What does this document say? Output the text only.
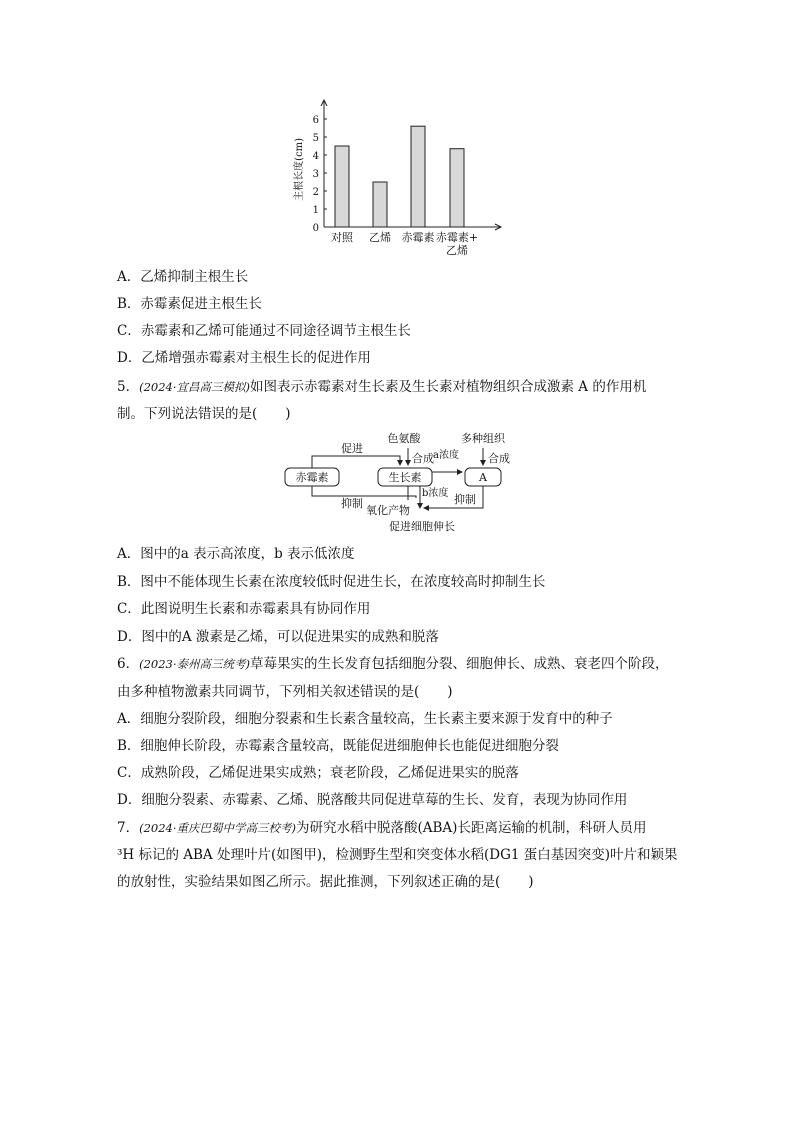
0
1
2
3
4
5
6
主根长度(cm)
对照 乙烯 赤霉素 赤霉素+
乙烯
A．乙烯抑制主根生长
B．赤霉素促进主根生长
C．赤霉素和乙烯可能通过不同途径调节主根生长
D．乙烯增强赤霉素对主根生长的促进作用
5．(2024·宜昌高三模拟)如图表示赤霉素对生长素及生长素对植物组织合成激素 A 的作用机
制。下列说法错误的是( )
赤霉素	生长素	A
促进
色氨酸
合成
多种组织
合成
a浓度
b浓度
抑制	抑制
氧化产物
促进细胞伸长
A．图中的a 表示高浓度，b 表示低浓度
B．图中不能体现生长素在浓度较低时促进生长，在浓度较高时抑制生长
C．此图说明生长素和赤霉素具有协同作用
D．图中的A 激素是乙烯，可以促进果实的成熟和脱落
6．(2023·泰州高三统考)草莓果实的生长发育包括细胞分裂、细胞伸长、成熟、衰老四个阶段，
由多种植物激素共同调节，下列相关叙述错误的是( )
A．细胞分裂阶段，细胞分裂素和生长素含量较高，生长素主要来源于发育中的种子
B．细胞伸长阶段，赤霉素含量较高，既能促进细胞伸长也能促进细胞分裂
C．成熟阶段，乙烯促进果实成熟；衰老阶段，乙烯促进果实的脱落
D．细胞分裂素、赤霉素、乙烯、脱落酸共同促进草莓的生长、发育，表现为协同作用
7．(2024·重庆巴蜀中学高三校考)为研究水稻中脱落酸(ABA)长距离运输的机制，科研人员用
³H 标记的 ABA 处理叶片(如图甲)，检测野生型和突变体水稻(DG1 蛋白基因突变)叶片和颖果
的放射性，实验结果如图乙所示。据此推测，下列叙述正确的是( )
